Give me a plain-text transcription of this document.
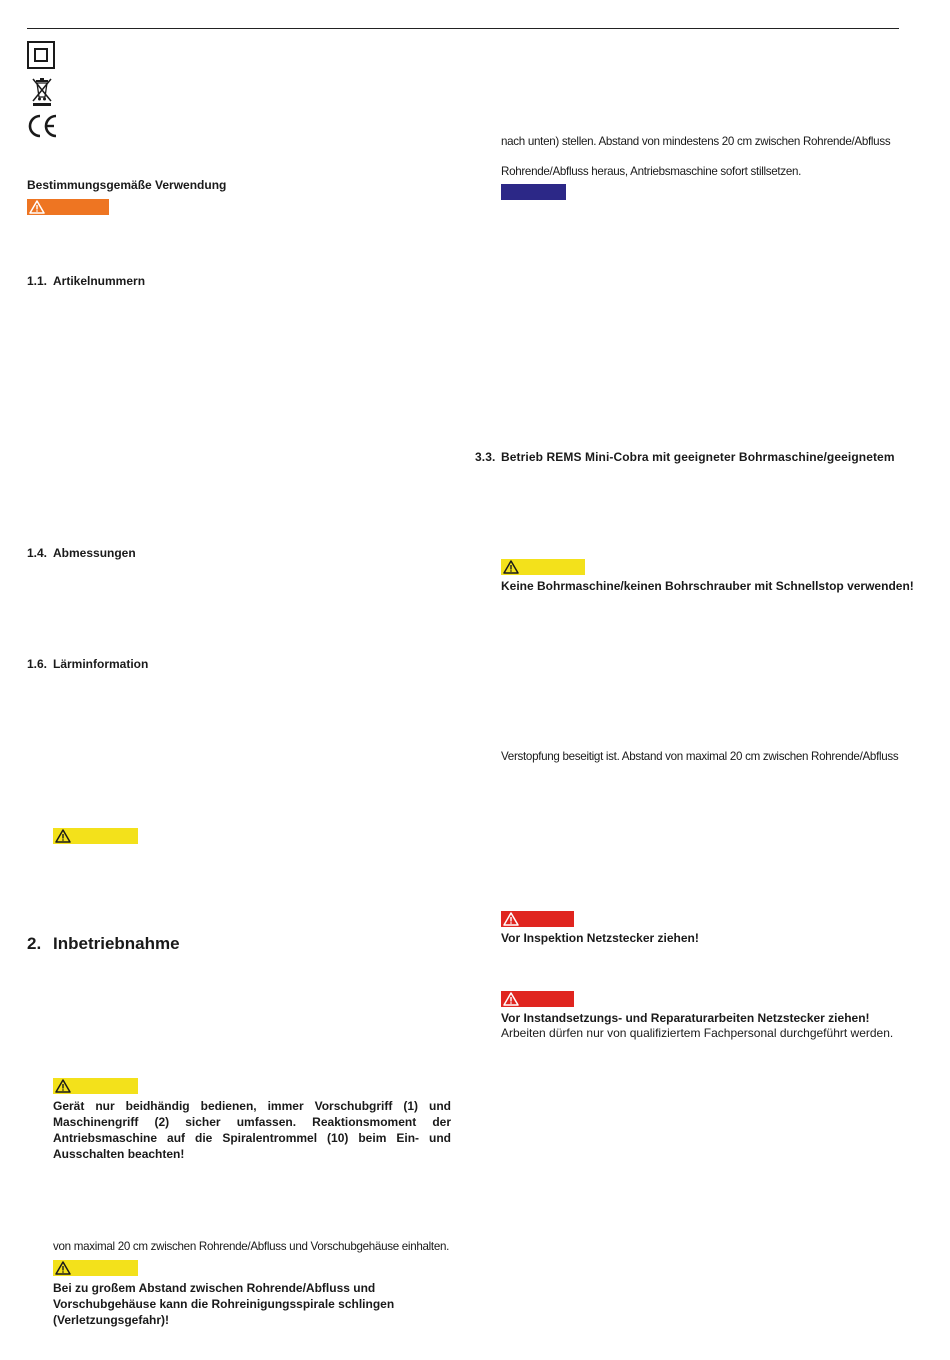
Bestimmungsgemäße Verwendung
1.1. Artikelnummern
1.4. Abmessungen
1.6. Lärminformation
2. Inbetriebnahme
Gerät nur beidhändig bedienen, immer Vorschubgriff (1) und Maschinengriff (2) sicher umfassen. Reaktionsmoment der Antriebsmaschine auf die Spiralentrommel (10) beim Ein- und Ausschalten beachten!
von maximal 20 cm zwischen Rohrende/Abfluss und Vorschubgehäuse einhalten.
Bei zu großem Abstand zwischen Rohrende/Abfluss und Vorschubgehäuse kann die Rohreinigungsspirale schlingen (Verletzungsgefahr)!
nach unten) stellen. Abstand von mindestens 20 cm zwischen Rohrende/Abfluss
Rohrende/Abfluss heraus, Antriebsmaschine sofort stillsetzen.
3.3. Betrieb REMS Mini-Cobra mit geeigneter Bohrmaschine/geeignetem
Keine Bohrmaschine/keinen Bohrschrauber mit Schnellstop verwenden!
Verstopfung beseitigt ist. Abstand von maximal 20 cm zwischen Rohrende/Abfluss
Vor Inspektion Netzstecker ziehen!
Vor Instandsetzungs- und Reparaturarbeiten Netzstecker ziehen!
Arbeiten dürfen nur von qualifiziertem Fachpersonal durchgeführt werden.
